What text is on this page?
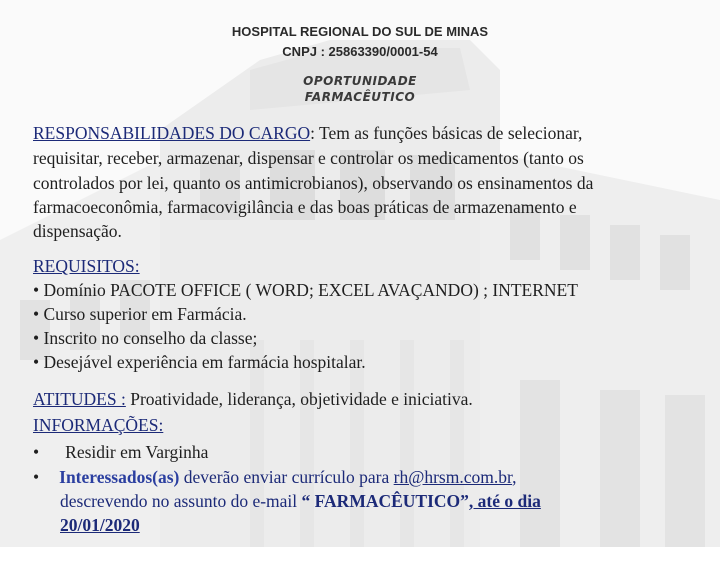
HOSPITAL REGIONAL DO SUL DE MINAS
CNPJ : 25863390/0001-54
OPORTUNIDADE
FARMACÊUTICO
RESPONSABILIDADES DO CARGO: Tem as funções básicas de selecionar,
requisitar, receber, armazenar, dispensar e controlar os medicamentos (tanto os
controlados por lei, quanto os antimicrobianos), observando os ensinamentos da
farmacoeconômia, farmacovigilância e das boas práticas de armazenamento e
dispensação.
REQUISITOS:
• Domínio PACOTE OFFICE ( WORD; EXCEL AVAÇANDO) ; INTERNET
• Curso superior em Farmácia.
• Inscrito no conselho da classe;
• Desejável experiência em farmácia hospitalar.
ATITUDES : Proatividade, liderança, objetividade e iniciativa.
INFORMAÇÕES:
• Residir em Varginha
• Interessados(as) deverão enviar currículo para rh@hrsm.com.br,
descrevendo no assunto do e-mail “ FARMACÊUTICO”, até o dia
20/01/2020
